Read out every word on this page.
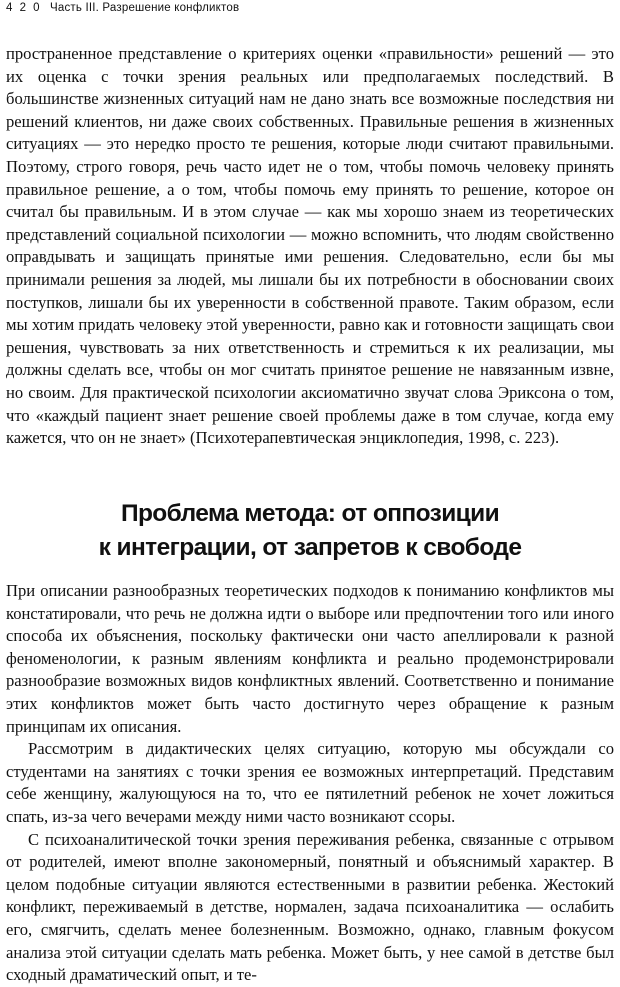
4 2 0 Часть III. Разрешение конфликтов

пространенное представление о критериях оценки «правильности» решений — это их оценка с точки зрения реальных или предполагаемых последствий. В большинстве жизненных ситуаций нам не дано знать все возможные последствия ни решений клиентов, ни даже своих собственных. Правильные решения в жизненных ситуациях — это нередко просто те решения, которые люди считают правильными. Поэтому, строго говоря, речь часто идет не о том, чтобы помочь человеку принять правильное решение, а о том, чтобы помочь ему принять то решение, которое он считал бы правильным. И в этом случае — как мы хорошо знаем из теоретических представлений социальной психологии — можно вспомнить, что людям свойственно оправдывать и защищать принятые ими решения. Следовательно, если бы мы принимали решения за людей, мы лишали бы их потребности в обосновании своих поступков, лишали бы их уверенности в собственной правоте. Таким образом, если мы хотим придать человеку этой уверенности, равно как и готовности защищать свои решения, чувствовать за них ответственность и стремиться к их реализации, мы должны сделать все, чтобы он мог считать принятое решение не навязанным извне, но своим. Для практической психологии аксиоматично звучат слова Эриксона о том, что «каждый пациент знает решение своей проблемы даже в том случае, когда ему кажется, что он не знает» (Психотерапевтическая энциклопедия, 1998, с. 223).

Проблема метода: от оппозиции
к интеграции, от запретов к свободе

При описании разнообразных теоретических подходов к пониманию конфликтов мы констатировали, что речь не должна идти о выборе или предпочтении того или иного способа их объяснения, поскольку фактически они часто апеллировали к разной феноменологии, к разным явлениям конфликта и реально продемонстрировали разнообразие возможных видов конфликтных явлений. Соответственно и понимание этих конфликтов может быть часто достигнуто через обращение к разным принципам их описания.

Рассмотрим в дидактических целях ситуацию, которую мы обсуждали со студентами на занятиях с точки зрения ее возможных интерпретаций. Представим себе женщину, жалующуюся на то, что ее пятилетний ребенок не хочет ложиться спать, из-за чего вечерами между ними часто возникают ссоры.

С психоаналитической точки зрения переживания ребенка, связанные с отрывом от родителей, имеют вполне закономерный, понятный и объяснимый характер. В целом подобные ситуации являются естественными в развитии ребенка. Жестокий конфликт, переживаемый в детстве, нормален, задача психоаналитика — ослабить его, смягчить, сделать менее болезненным. Возможно, однако, главным фокусом анализа этой ситуации сделать мать ребенка. Может быть, у нее самой в детстве был сходный драматический опыт, и те-
